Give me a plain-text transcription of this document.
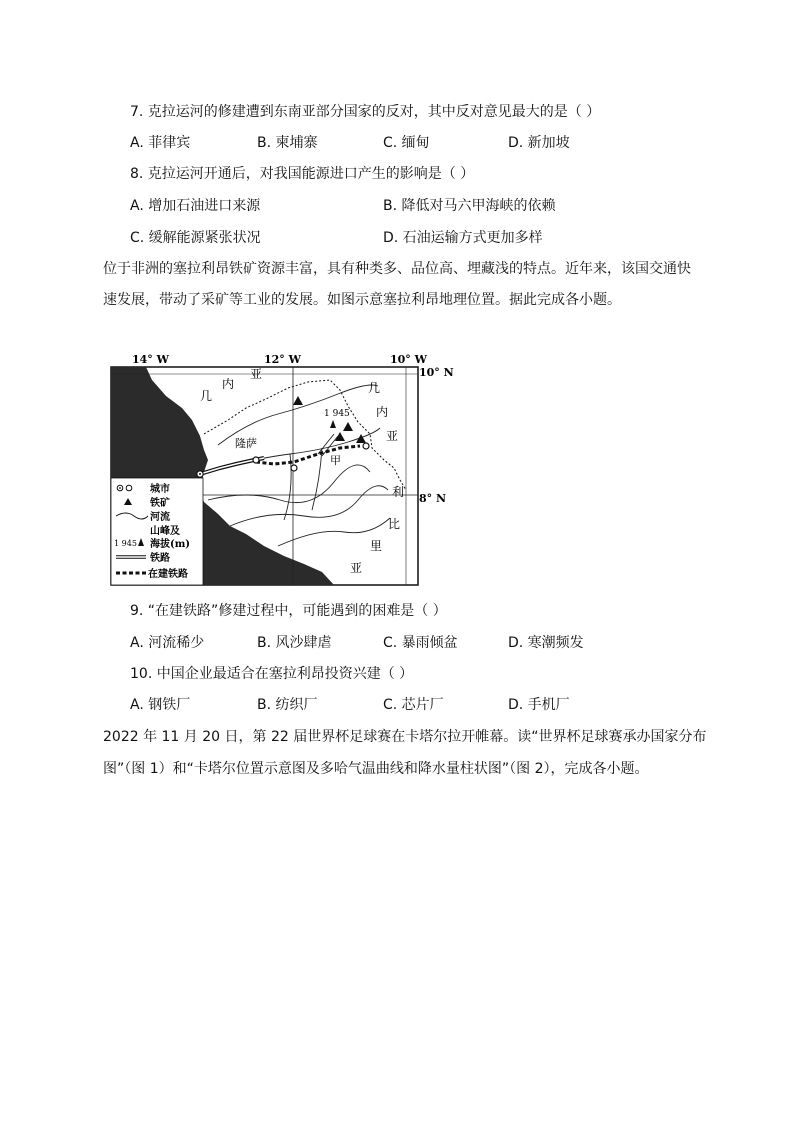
7. 克拉运河的修建遭到东南亚部分国家的反对，其中反对意见最大的是（ ）
A. 菲律宾	B. 柬埔寨	C. 缅甸	D. 新加坡
8. 克拉运河开通后，对我国能源进口产生的影响是（ ）
A. 增加石油进口来源	B. 降低对马六甲海峡的依赖
C. 缓解能源紧张状况	D. 石油运输方式更加多样
位于非洲的塞拉利昂铁矿资源丰富，具有种类多、品位高、埋藏浅的特点。近年来，该国交通快
速发展，带动了采矿等工业的发展。如图示意塞拉利昂地理位置。据此完成各小题。
14° W	12° W	10° W
10° N
8° N
几
内
亚
几
内
亚
利
比
里
亚
隆萨
1 945
甲
城市
铁矿
河流
山峰及
1 945 海拔(m)
铁路
在建铁路
9. “在建铁路”修建过程中，可能遇到的困难是（ ）
A. 河流稀少	B. 风沙肆虐	C. 暴雨倾盆	D. 寒潮频发
10. 中国企业最适合在塞拉利昂投资兴建（ ）
A. 钢铁厂	B. 纺织厂	C. 芯片厂	D. 手机厂
2022 年 11 月 20 日，第 22 届世界杯足球赛在卡塔尔拉开帷幕。读“世界杯足球赛承办国家分布
图”（图 1）和“卡塔尔位置示意图及多哈气温曲线和降水量柱状图”（图 2），完成各小题。
